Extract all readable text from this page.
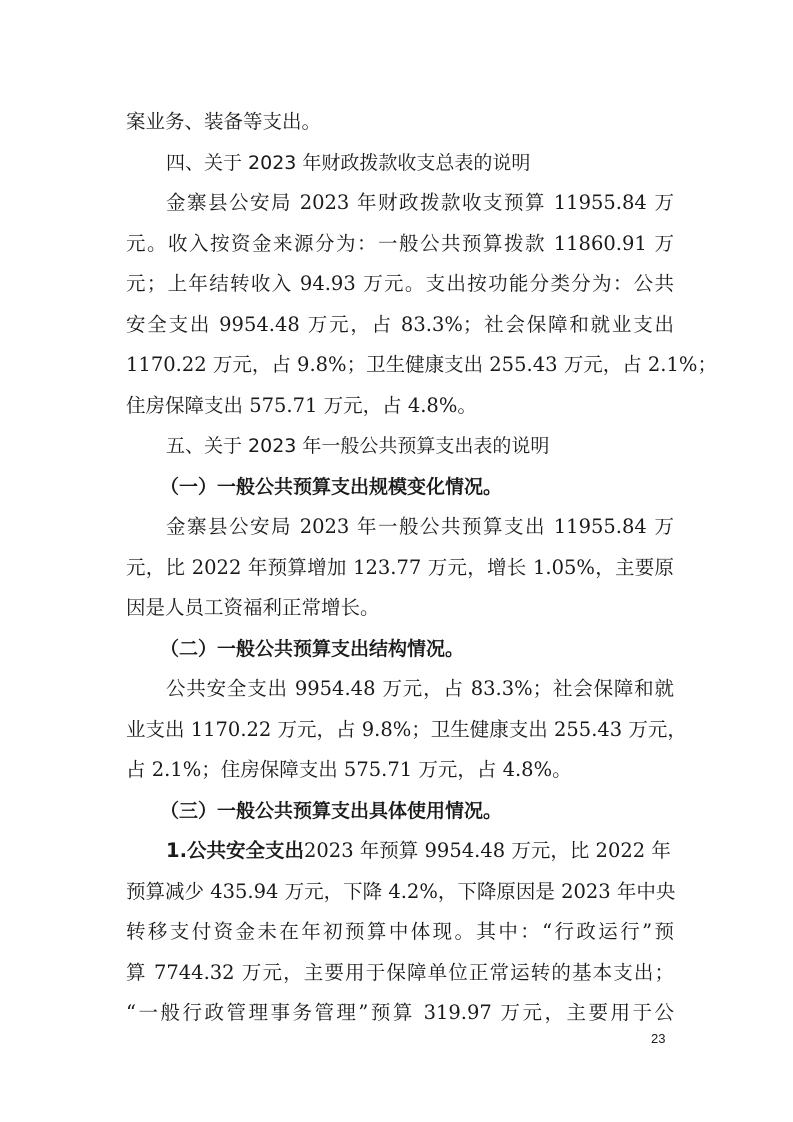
案业务、装备等支出。
四、关于 2023 年财政拨款收支总表的说明
金寨县公安局 2023 年财政拨款收支预算 11955.84 万
元。收入按资金来源分为：一般公共预算拨款 11860.91 万
元；上年结转收入 94.93 万元。支出按功能分类分为：公共
安全支出 9954.48 万元，占 83.3%；社会保障和就业支出
1170.22 万元，占 9.8%；卫生健康支出 255.43 万元，占 2.1%；
住房保障支出 575.71 万元，占 4.8%。
五、关于 2023 年一般公共预算支出表的说明
（一）一般公共预算支出规模变化情况。
金寨县公安局 2023 年一般公共预算支出 11955.84 万
元，比 2022 年预算增加 123.77 万元，增长 1.05%，主要原
因是人员工资福利正常增长。
（二）一般公共预算支出结构情况。
公共安全支出 9954.48 万元，占 83.3%；社会保障和就
业支出 1170.22 万元，占 9.8%；卫生健康支出 255.43 万元，
占 2.1%；住房保障支出 575.71 万元，占 4.8%。
（三）一般公共预算支出具体使用情况。
1.公共安全支出2023 年预算 9954.48 万元，比 2022 年
预算减少 435.94 万元，下降 4.2%，下降原因是 2023 年中央
转移支付资金未在年初预算中体现。其中：“行政运行”预
算 7744.32 万元，主要用于保障单位正常运转的基本支出；
“一般行政管理事务管理”预算 319.97 万元，主要用于公
23
